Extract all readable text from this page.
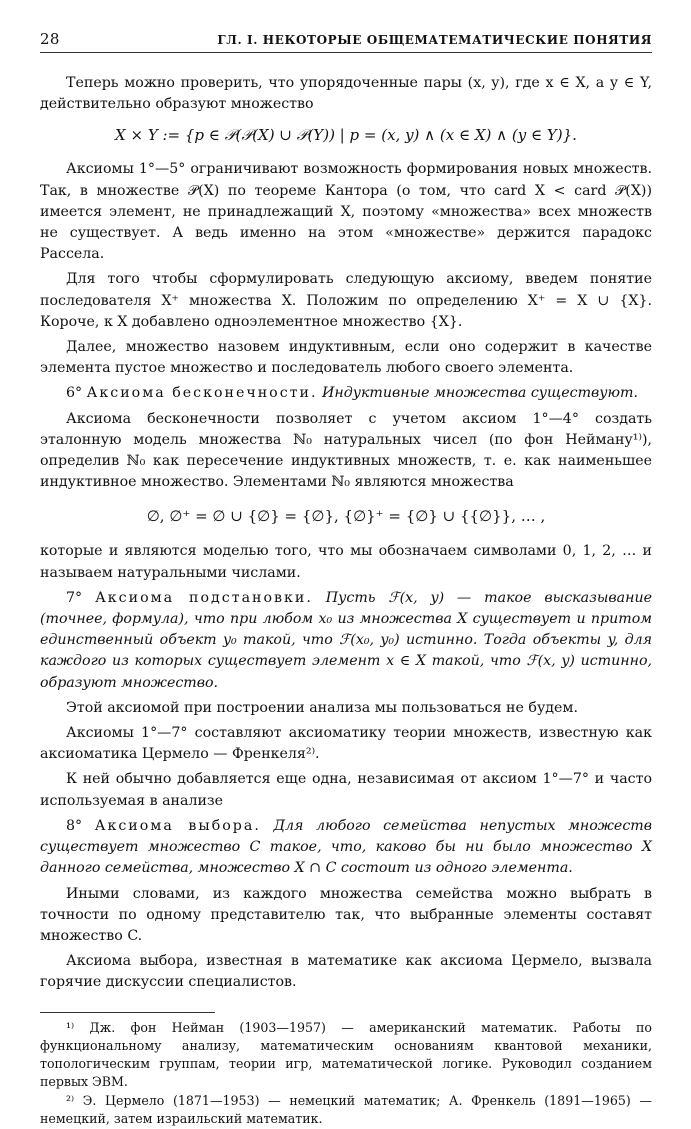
28	ГЛ. I. НЕКОТОРЫЕ ОБЩЕМАТЕМАТИЧЕСКИЕ ПОНЯТИЯ

Теперь можно проверить, что упорядоченные пары (x, y), где x ∈ X, а y ∈ Y, действительно образуют множество

X × Y := {p ∈ 𝒫(𝒫(X) ∪ 𝒫(Y)) | p = (x, y) ∧ (x ∈ X) ∧ (y ∈ Y)}.

Аксиомы 1°—5° ограничивают возможность формирования новых множеств. Так, в множестве 𝒫(X) по теореме Кантора (о том, что card X < card 𝒫(X)) имеется элемент, не принадлежащий X, поэтому «множества» всех множеств не существует. А ведь именно на этом «множестве» держится парадокс Рассела.

Для того чтобы сформулировать следующую аксиому, введем понятие последователя X⁺ множества X. Положим по определению X⁺ = X ∪ {X}. Короче, к X добавлено одноэлементное множество {X}.

Далее, множество назовем индуктивным, если оно содержит в качестве элемента пустое множество и последователь любого своего элемента.

6° Аксиома бесконечности. Индуктивные множества существуют.

Аксиома бесконечности позволяет с учетом аксиом 1°—4° создать эталонную модель множества ℕ₀ натуральных чисел (по фон Нейману¹⁾), определив ℕ₀ как пересечение индуктивных множеств, т. е. как наименьшее индуктивное множество. Элементами ℕ₀ являются множества

∅, ∅⁺ = ∅ ∪ {∅} = {∅}, {∅}⁺ = {∅} ∪ {{∅}}, … ,

которые и являются моделью того, что мы обозначаем символами 0, 1, 2, … и называем натуральными числами.

7° Аксиома подстановки. Пусть ℱ(x, y) — такое высказывание (точнее, формула), что при любом x₀ из множества X существует и притом единственный объект y₀ такой, что ℱ(x₀, y₀) истинно. Тогда объекты y, для каждого из которых существует элемент x ∈ X такой, что ℱ(x, y) истинно, образуют множество.

Этой аксиомой при построении анализа мы пользоваться не будем.

Аксиомы 1°—7° составляют аксиоматику теории множеств, известную как аксиоматика Цермело — Френкеля²⁾.

К ней обычно добавляется еще одна, независимая от аксиом 1°—7° и часто используемая в анализе

8° Аксиома выбора. Для любого семейства непустых множеств существует множество C такое, что, каково бы ни было множество X данного семейства, множество X ∩ C состоит из одного элемента.

Иными словами, из каждого множества семейства можно выбрать в точности по одному представителю так, что выбранные элементы составят множество C.

Аксиома выбора, известная в математике как аксиома Цермело, вызвала горячие дискуссии специалистов.

¹⁾ Дж. фон Нейман (1903—1957) — американский математик. Работы по функциональному анализу, математическим основаниям квантовой механики, топологическим группам, теории игр, математической логике. Руководил созданием первых ЭВМ.

²⁾ Э. Цермело (1871—1953) — немецкий математик; А. Френкель (1891—1965) — немецкий, затем израильский математик.
